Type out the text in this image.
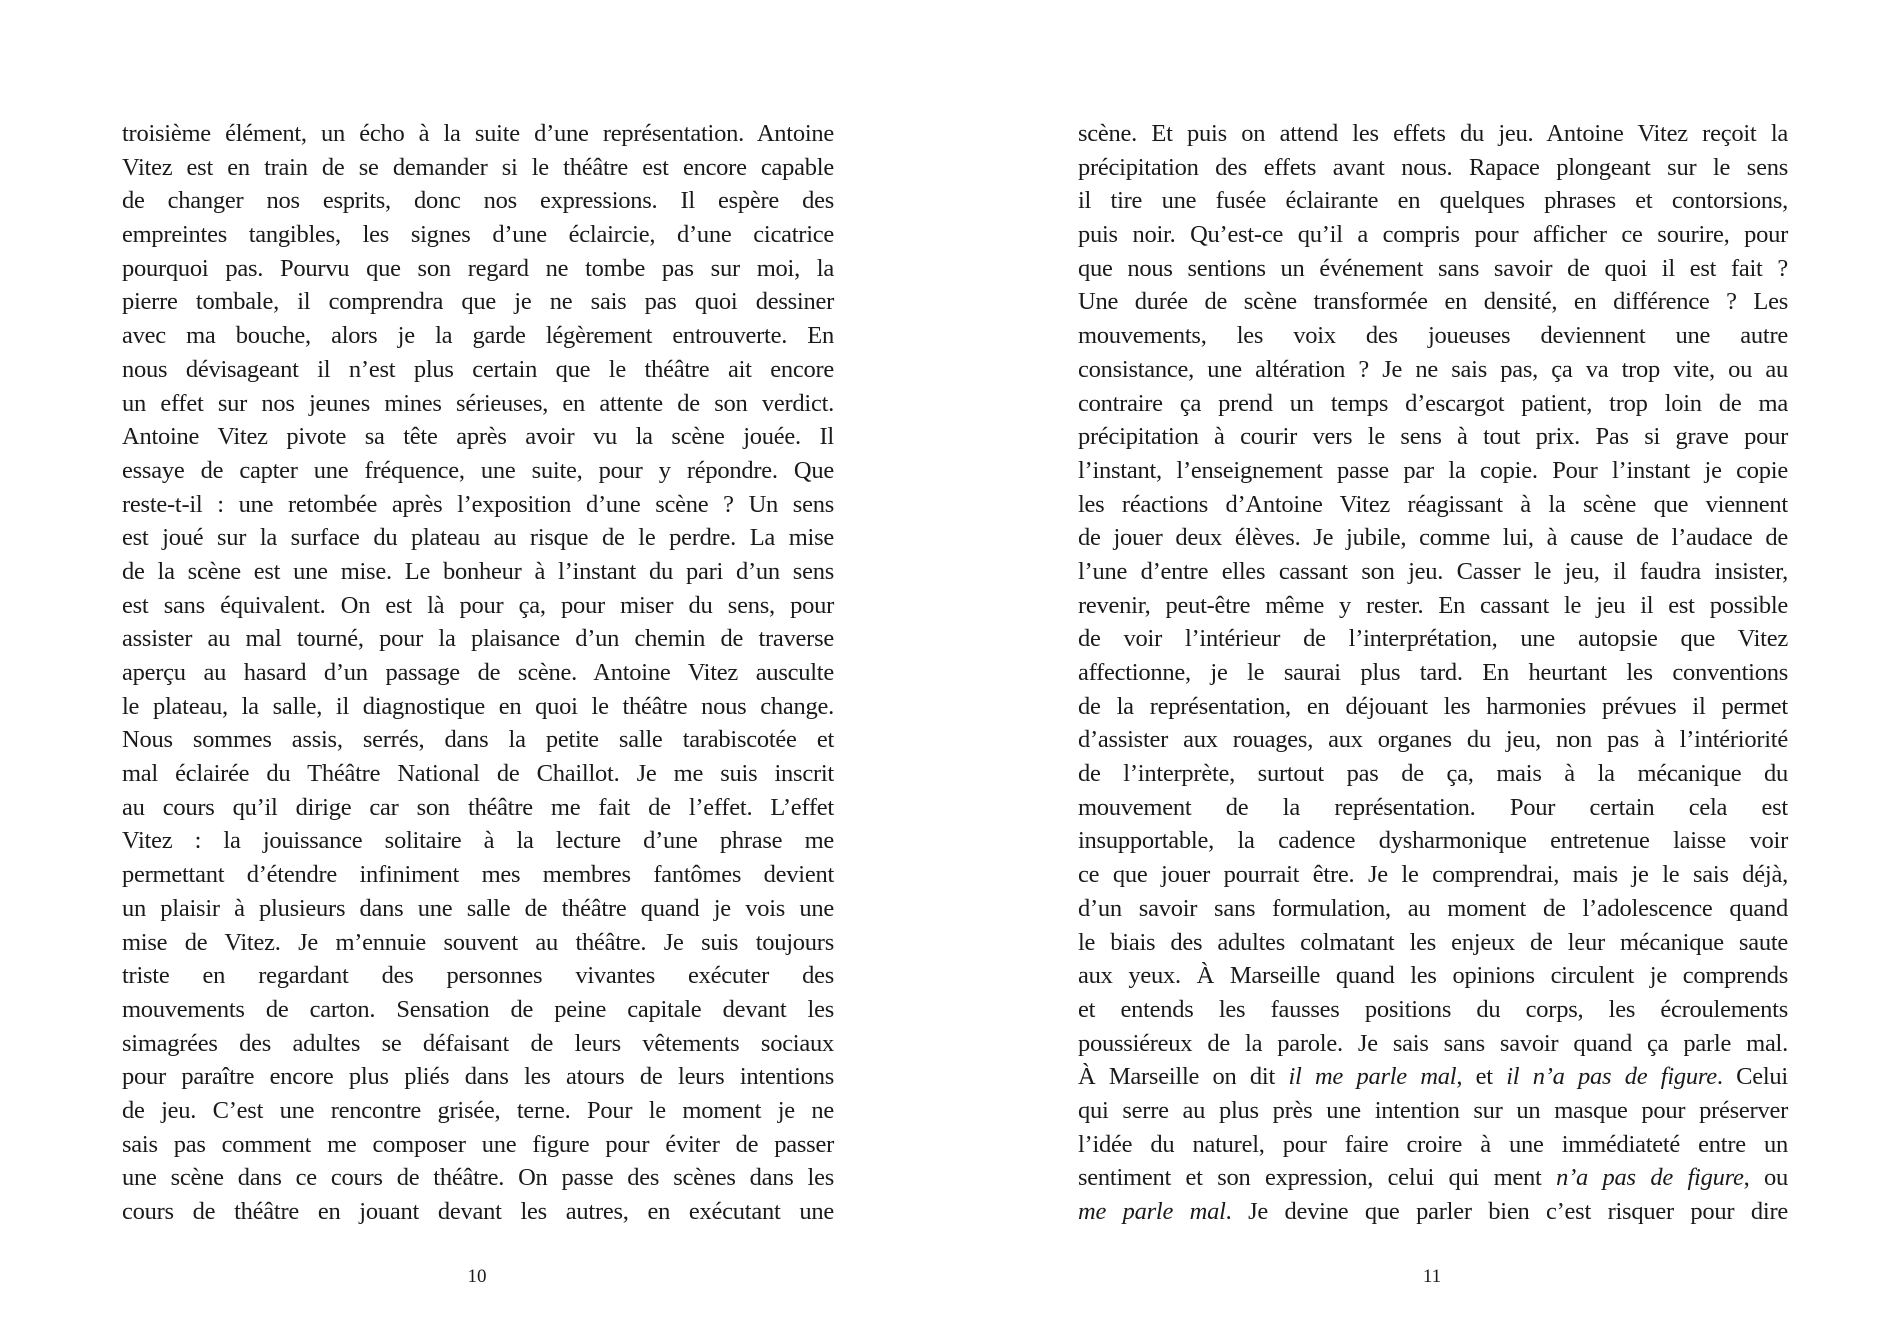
troisième élément, un écho à la suite d’une représentation. Antoine
Vitez est en train de se demander si le théâtre est encore capable
de changer nos esprits, donc nos expressions. Il espère des
empreintes tangibles, les signes d’une éclaircie, d’une cicatrice
pourquoi pas. Pourvu que son regard ne tombe pas sur moi, la
pierre tombale, il comprendra que je ne sais pas quoi dessiner
avec ma bouche, alors je la garde légèrement entrouverte. En
nous dévisageant il n’est plus certain que le théâtre ait encore
un effet sur nos jeunes mines sérieuses, en attente de son verdict.
Antoine Vitez pivote sa tête après avoir vu la scène jouée. Il
essaye de capter une fréquence, une suite, pour y répondre. Que
reste-t-il : une retombée après l’exposition d’une scène ? Un sens
est joué sur la surface du plateau au risque de le perdre. La mise
de la scène est une mise. Le bonheur à l’instant du pari d’un sens
est sans équivalent. On est là pour ça, pour miser du sens, pour
assister au mal tourné, pour la plaisance d’un chemin de traverse
aperçu au hasard d’un passage de scène. Antoine Vitez ausculte
le plateau, la salle, il diagnostique en quoi le théâtre nous change.
Nous sommes assis, serrés, dans la petite salle tarabiscotée et
mal éclairée du Théâtre National de Chaillot. Je me suis inscrit
au cours qu’il dirige car son théâtre me fait de l’effet. L’effet
Vitez : la jouissance solitaire à la lecture d’une phrase me
permettant d’étendre infiniment mes membres fantômes devient
un plaisir à plusieurs dans une salle de théâtre quand je vois une
mise de Vitez. Je m’ennuie souvent au théâtre. Je suis toujours
triste en regardant des personnes vivantes exécuter des
mouvements de carton. Sensation de peine capitale devant les
simagrées des adultes se défaisant de leurs vêtements sociaux
pour paraître encore plus pliés dans les atours de leurs intentions
de jeu. C’est une rencontre grisée, terne. Pour le moment je ne
sais pas comment me composer une figure pour éviter de passer
une scène dans ce cours de théâtre. On passe des scènes dans les
cours de théâtre en jouant devant les autres, en exécutant une
scène. Et puis on attend les effets du jeu. Antoine Vitez reçoit la
précipitation des effets avant nous. Rapace plongeant sur le sens
il tire une fusée éclairante en quelques phrases et contorsions,
puis noir. Qu’est-ce qu’il a compris pour afficher ce sourire, pour
que nous sentions un événement sans savoir de quoi il est fait ?
Une durée de scène transformée en densité, en différence ? Les
mouvements, les voix des joueuses deviennent une autre
consistance, une altération ? Je ne sais pas, ça va trop vite, ou au
contraire ça prend un temps d’escargot patient, trop loin de ma
précipitation à courir vers le sens à tout prix. Pas si grave pour
l’instant, l’enseignement passe par la copie. Pour l’instant je copie
les réactions d’Antoine Vitez réagissant à la scène que viennent
de jouer deux élèves. Je jubile, comme lui, à cause de l’audace de
l’une d’entre elles cassant son jeu. Casser le jeu, il faudra insister,
revenir, peut-être même y rester. En cassant le jeu il est possible
de voir l’intérieur de l’interprétation, une autopsie que Vitez
affectionne, je le saurai plus tard. En heurtant les conventions
de la représentation, en déjouant les harmonies prévues il permet
d’assister aux rouages, aux organes du jeu, non pas à l’intériorité
de l’interprète, surtout pas de ça, mais à la mécanique du
mouvement de la représentation. Pour certain cela est
insupportable, la cadence dysharmonique entretenue laisse voir
ce que jouer pourrait être. Je le comprendrai, mais je le sais déjà,
d’un savoir sans formulation, au moment de l’adolescence quand
le biais des adultes colmatant les enjeux de leur mécanique saute
aux yeux. À Marseille quand les opinions circulent je comprends
et entends les fausses positions du corps, les écroulements
poussiéreux de la parole. Je sais sans savoir quand ça parle mal.
À Marseille on dit il me parle mal, et il n’a pas de figure. Celui
qui serre au plus près une intention sur un masque pour préserver
l’idée du naturel, pour faire croire à une immédiateté entre un
sentiment et son expression, celui qui ment n’a pas de figure, ou
me parle mal. Je devine que parler bien c’est risquer pour dire
10	11
